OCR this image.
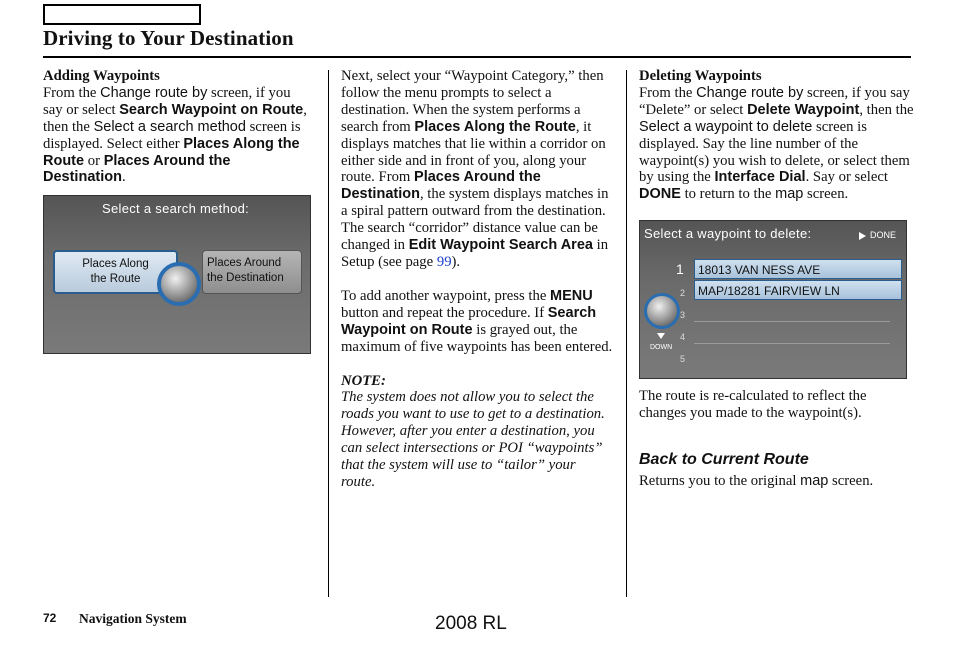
Driving to Your Destination
Adding Waypoints
From the Change route by screen, if you say or select Search Waypoint on Route, then the Select a search method screen is displayed. Select either Places Along the Route or Places Around the Destination.
Select a search method:
Places Along
the Route
Places Around
the Destination
Next, select your “Waypoint Category,” then follow the menu prompts to select a destination. When the system performs a search from Places Along the Route, it displays matches that lie within a corridor on either side and in front of you, along your route. From Places Around the Destination, the system displays matches in a spiral pattern outward from the destination. The search “corridor” distance value can be changed in Edit Waypoint Search Area in Setup (see page 99).
To add another waypoint, press the MENU button and repeat the procedure. If Search Waypoint on Route is grayed out, the maximum of five waypoints has been entered.
NOTE:
The system does not allow you to select the roads you want to use to get to a destination. However, after you enter a destination, you can select intersections or POI “waypoints” that the system will use to “tailor” your route.
Deleting Waypoints
From the Change route by screen, if you say “Delete” or select Delete Waypoint, then the Select a waypoint to delete screen is displayed. Say the line number of the waypoint(s) you wish to delete, or select them by using the Interface Dial. Say or select DONE to return to the map screen.
Select a waypoint to delete:	DONE
1	18013 VAN NESS AVE
2	MAP/18281 FAIRVIEW LN
3
4
5
DOWN
The route is re-calculated to reflect the changes you made to the waypoint(s).
Back to Current Route
Returns you to the original map screen.
72 Navigation System	2008 RL
